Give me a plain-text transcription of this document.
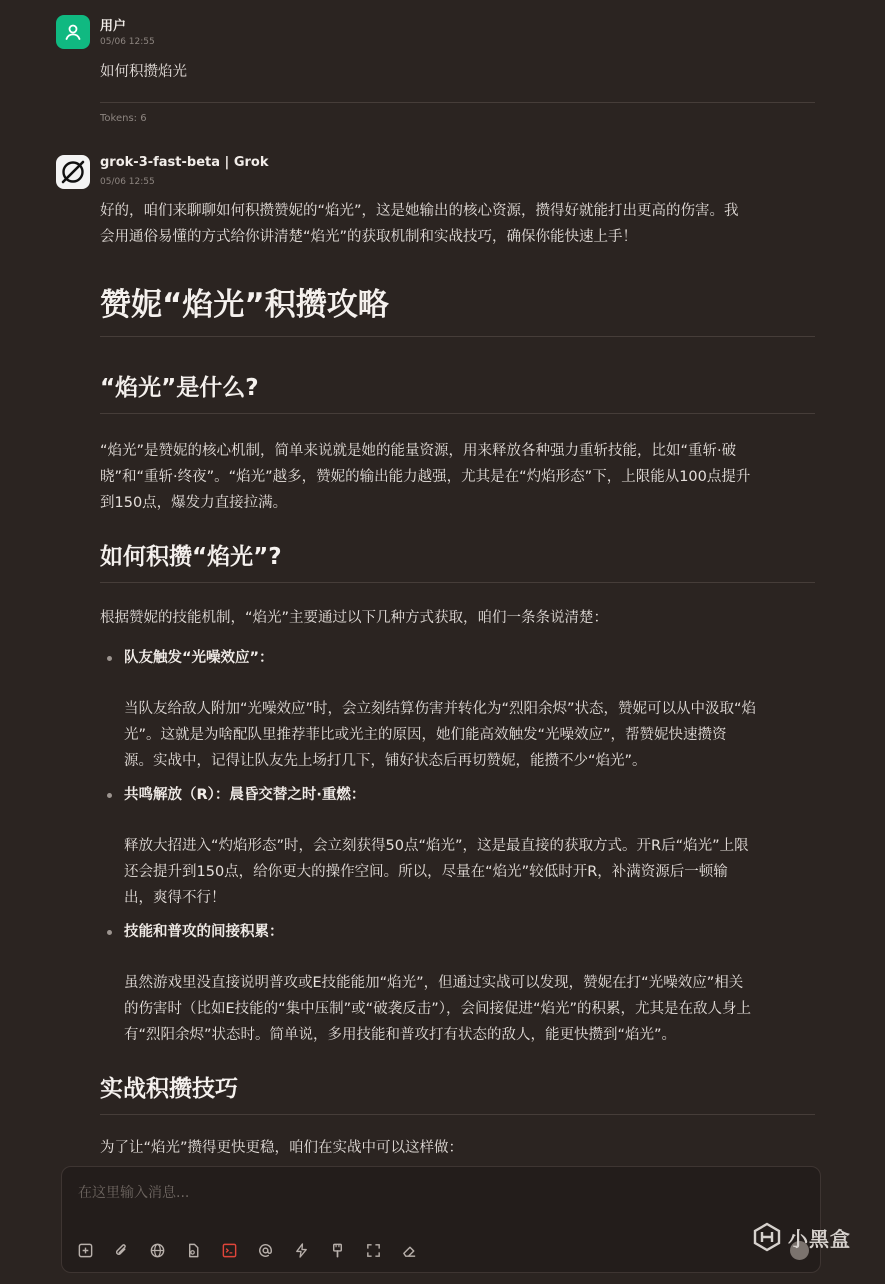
用户
05/06 12:55
如何积攒焰光
Tokens: 6
grok-3-fast-beta | Grok
05/06 12:55

好的，咱们来聊聊如何积攒赞妮的“焰光”，这是她输出的核心资源，攒得好就能打出更高的伤害。我

会用通俗易懂的方式给你讲清楚“焰光”的获取机制和实战技巧，确保你能快速上手！

赞妮“焰光”积攒攻略

“焰光”是什么?

“焰光”是赞妮的核心机制，简单来说就是她的能量资源，用来释放各种强力重斩技能，比如“重斩·破

晓”和“重斩·终夜”。“焰光”越多，赞妮的输出能力越强，尤其是在“灼焰形态”下，上限能从100点提升

到150点，爆发力直接拉满。

如何积攒“焰光”?

根据赞妮的技能机制，“焰光”主要通过以下几种方式获取，咱们一条条说清楚：

队友触发“光噪效应”：

当队友给敌人附加“光噪效应”时，会立刻结算伤害并转化为“烈阳余烬”状态，赞妮可以从中汲取“焰

光”。这就是为啥配队里推荐菲比或光主的原因，她们能高效触发“光噪效应”，帮赞妮快速攒资

源。实战中，记得让队友先上场打几下，铺好状态后再切赞妮，能攒不少“焰光”。

共鸣解放（R）：晨昏交替之时·重燃：

释放大招进入“灼焰形态”时，会立刻获得50点“焰光”，这是最直接的获取方式。开R后“焰光”上限

还会提升到150点，给你更大的操作空间。所以，尽量在“焰光”较低时开R，补满资源后一顿输

出，爽得不行！

技能和普攻的间接积累：

虽然游戏里没直接说明普攻或E技能能加“焰光”，但通过实战可以发现，赞妮在打“光噪效应”相关

的伤害时（比如E技能的“集中压制”或“破袭反击”），会间接促进“焰光”的积累，尤其是在敌人身上

有“烈阳余烬”状态时。简单说，多用技能和普攻打有状态的敌人，能更快攒到“焰光”。

实战积攒技巧

为了让“焰光”攒得更快更稳，咱们在实战中可以这样做：

在这里输入消息...
小黑盒
